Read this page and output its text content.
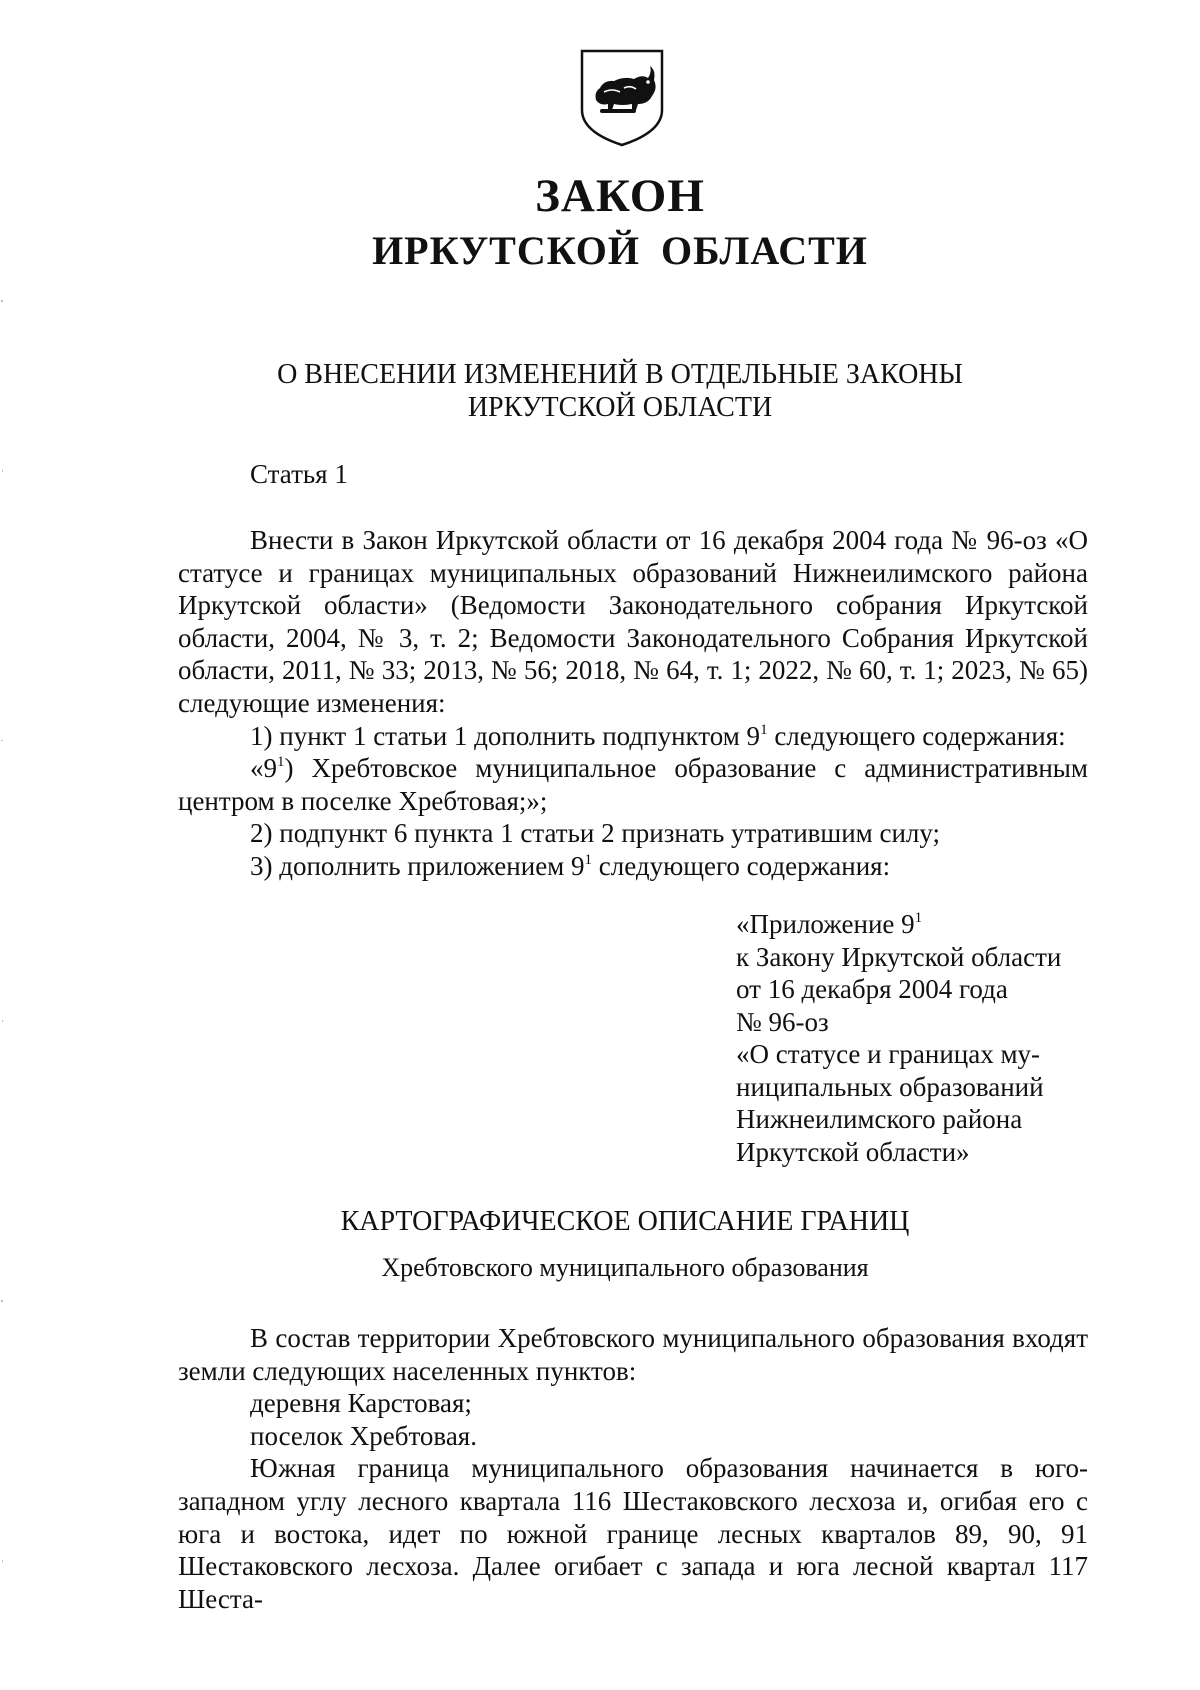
ЗАКОН
ИРКУТСКОЙ ОБЛАСТИ
О ВНЕСЕНИИ ИЗМЕНЕНИЙ В ОТДЕЛЬНЫЕ ЗАКОНЫ
ИРКУТСКОЙ ОБЛАСТИ
Статья 1

Внести в Закон Иркутской области от 16 декабря 2004 года № 96-оз «О статусе и границах муниципальных образований Нижнеилимского района Иркутской области» (Ведомости Законодательного собрания Иркутской области, 2004, № 3, т. 2; Ведомости Законодательного Собрания Иркутской области, 2011, № 33; 2013, № 56; 2018, № 64, т. 1; 2022, № 60, т. 1; 2023, № 65) следующие изменения:

1) пункт 1 статьи 1 дополнить подпунктом $9^1$ следующего содержания:

«$9^1$) Хребтовское муниципальное образование с административным центром в поселке Хребтовая;»;

2) подпункт 6 пункта 1 статьи 2 признать утратившим силу;

3) дополнить приложением $9^1$ следующего содержания:

«Приложение $9^1$
к Закону Иркутской области
от 16 декабря 2004 года
№ 96-оз
«О статусе и границах му-
ниципальных образований
Нижнеилимского района
Иркутской области»
КАРТОГРАФИЧЕСКОЕ ОПИСАНИЕ ГРАНИЦ
Хребтовского муниципального образования

В состав территории Хребтовского муниципального образования входят земли следующих населенных пунктов:

деревня Карстовая;

поселок Хребтовая.

Южная граница муниципального образования начинается в юго-западном углу лесного квартала 116 Шестаковского лесхоза и, огибая его с юга и востока, идет по южной границе лесных кварталов 89, 90, 91 Шестаковского лесхоза. Далее огибает с запада и юга лесной квартал 117 Шеста-
